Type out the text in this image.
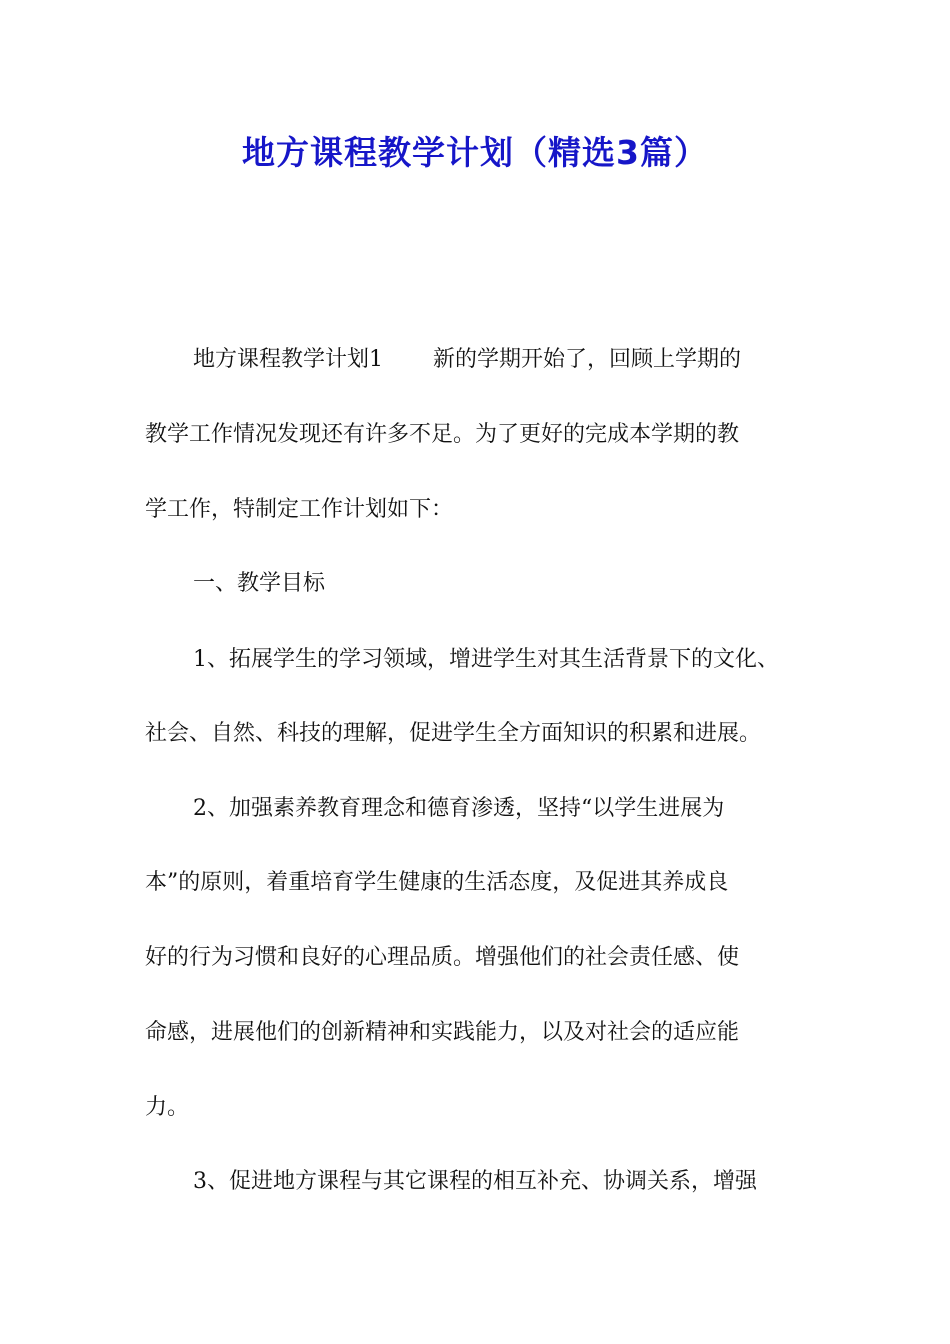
地方课程教学计划（精选3篇）

地方课程教学计划1 新的学期开始了，回顾上学期的

教学工作情况发现还有许多不足。为了更好的完成本学期的教

学工作，特制定工作计划如下：

一、教学目标

1、拓展学生的学习领域，增进学生对其生活背景下的文化、

社会、自然、科技的理解，促进学生全方面知识的积累和进展。

2、加强素养教育理念和德育渗透，坚持“以学生进展为

本”的原则，着重培育学生健康的生活态度，及促进其养成良

好的行为习惯和良好的心理品质。增强他们的社会责任感、使

命感，进展他们的创新精神和实践能力，以及对社会的适应能

力。

3、促进地方课程与其它课程的相互补充、协调关系，增强
